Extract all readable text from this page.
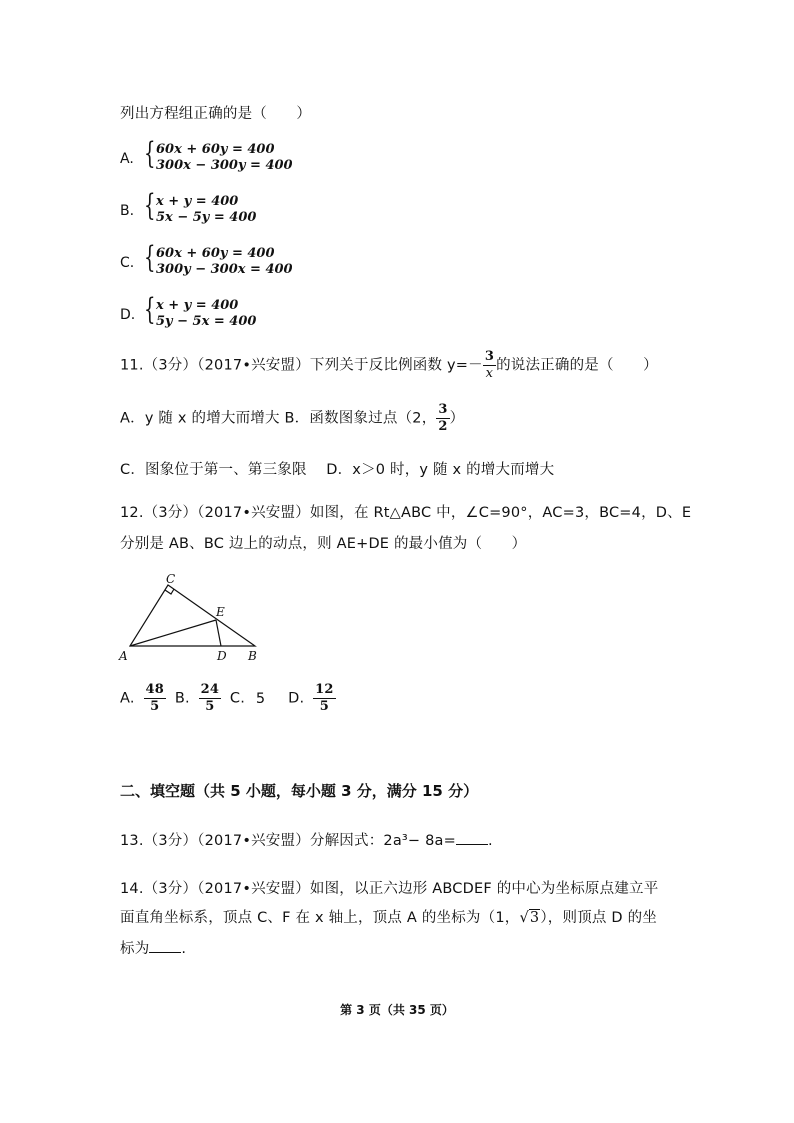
列出方程组正确的是（　　）
A. { 60x + 60y = 400
300x − 300y = 400
B. { x + y = 400
5x − 5y = 400
C. { 60x + 60y = 400
300y − 300x = 400
D. { x + y = 400
5y − 5x = 400
11.（3分）（2017•兴安盟）下列关于反比例函数 $y=- \frac{3}{x}$ 的说法正确的是（　　）
A．y 随 x 的增大而增大 B．函数图象过点（2， $\frac{3}{2}$ ）
C．图象位于第一、第三象限　 D．x＞0 时，y 随 x 的增大而增大
12.（3分）（2017•兴安盟）如图，在 Rt△ABC 中，∠C=90°，AC=3，BC=4，D、E
分别是 AB、BC 边上的动点，则 AE+DE 的最小值为（　　）
C
E
A	D B
A. $\frac{48}{5} B$. $\frac{24}{5} C$. 5 D. $\frac{12}{5}$
二、填空题（共 5 小题，每小题 3 分，满分 15 分）
13.（3分）（2017•兴安盟）分解因式：2a³− 8a= .
14.（3分）（2017•兴安盟）如图，以正六边形 ABCDEF 的中心为坐标原点建立平
面直角坐标系，顶点 C、F 在 x 轴上，顶点 A 的坐标为（1，√3），则顶点 D 的坐
标为 .
第 3 页（共 35 页）
